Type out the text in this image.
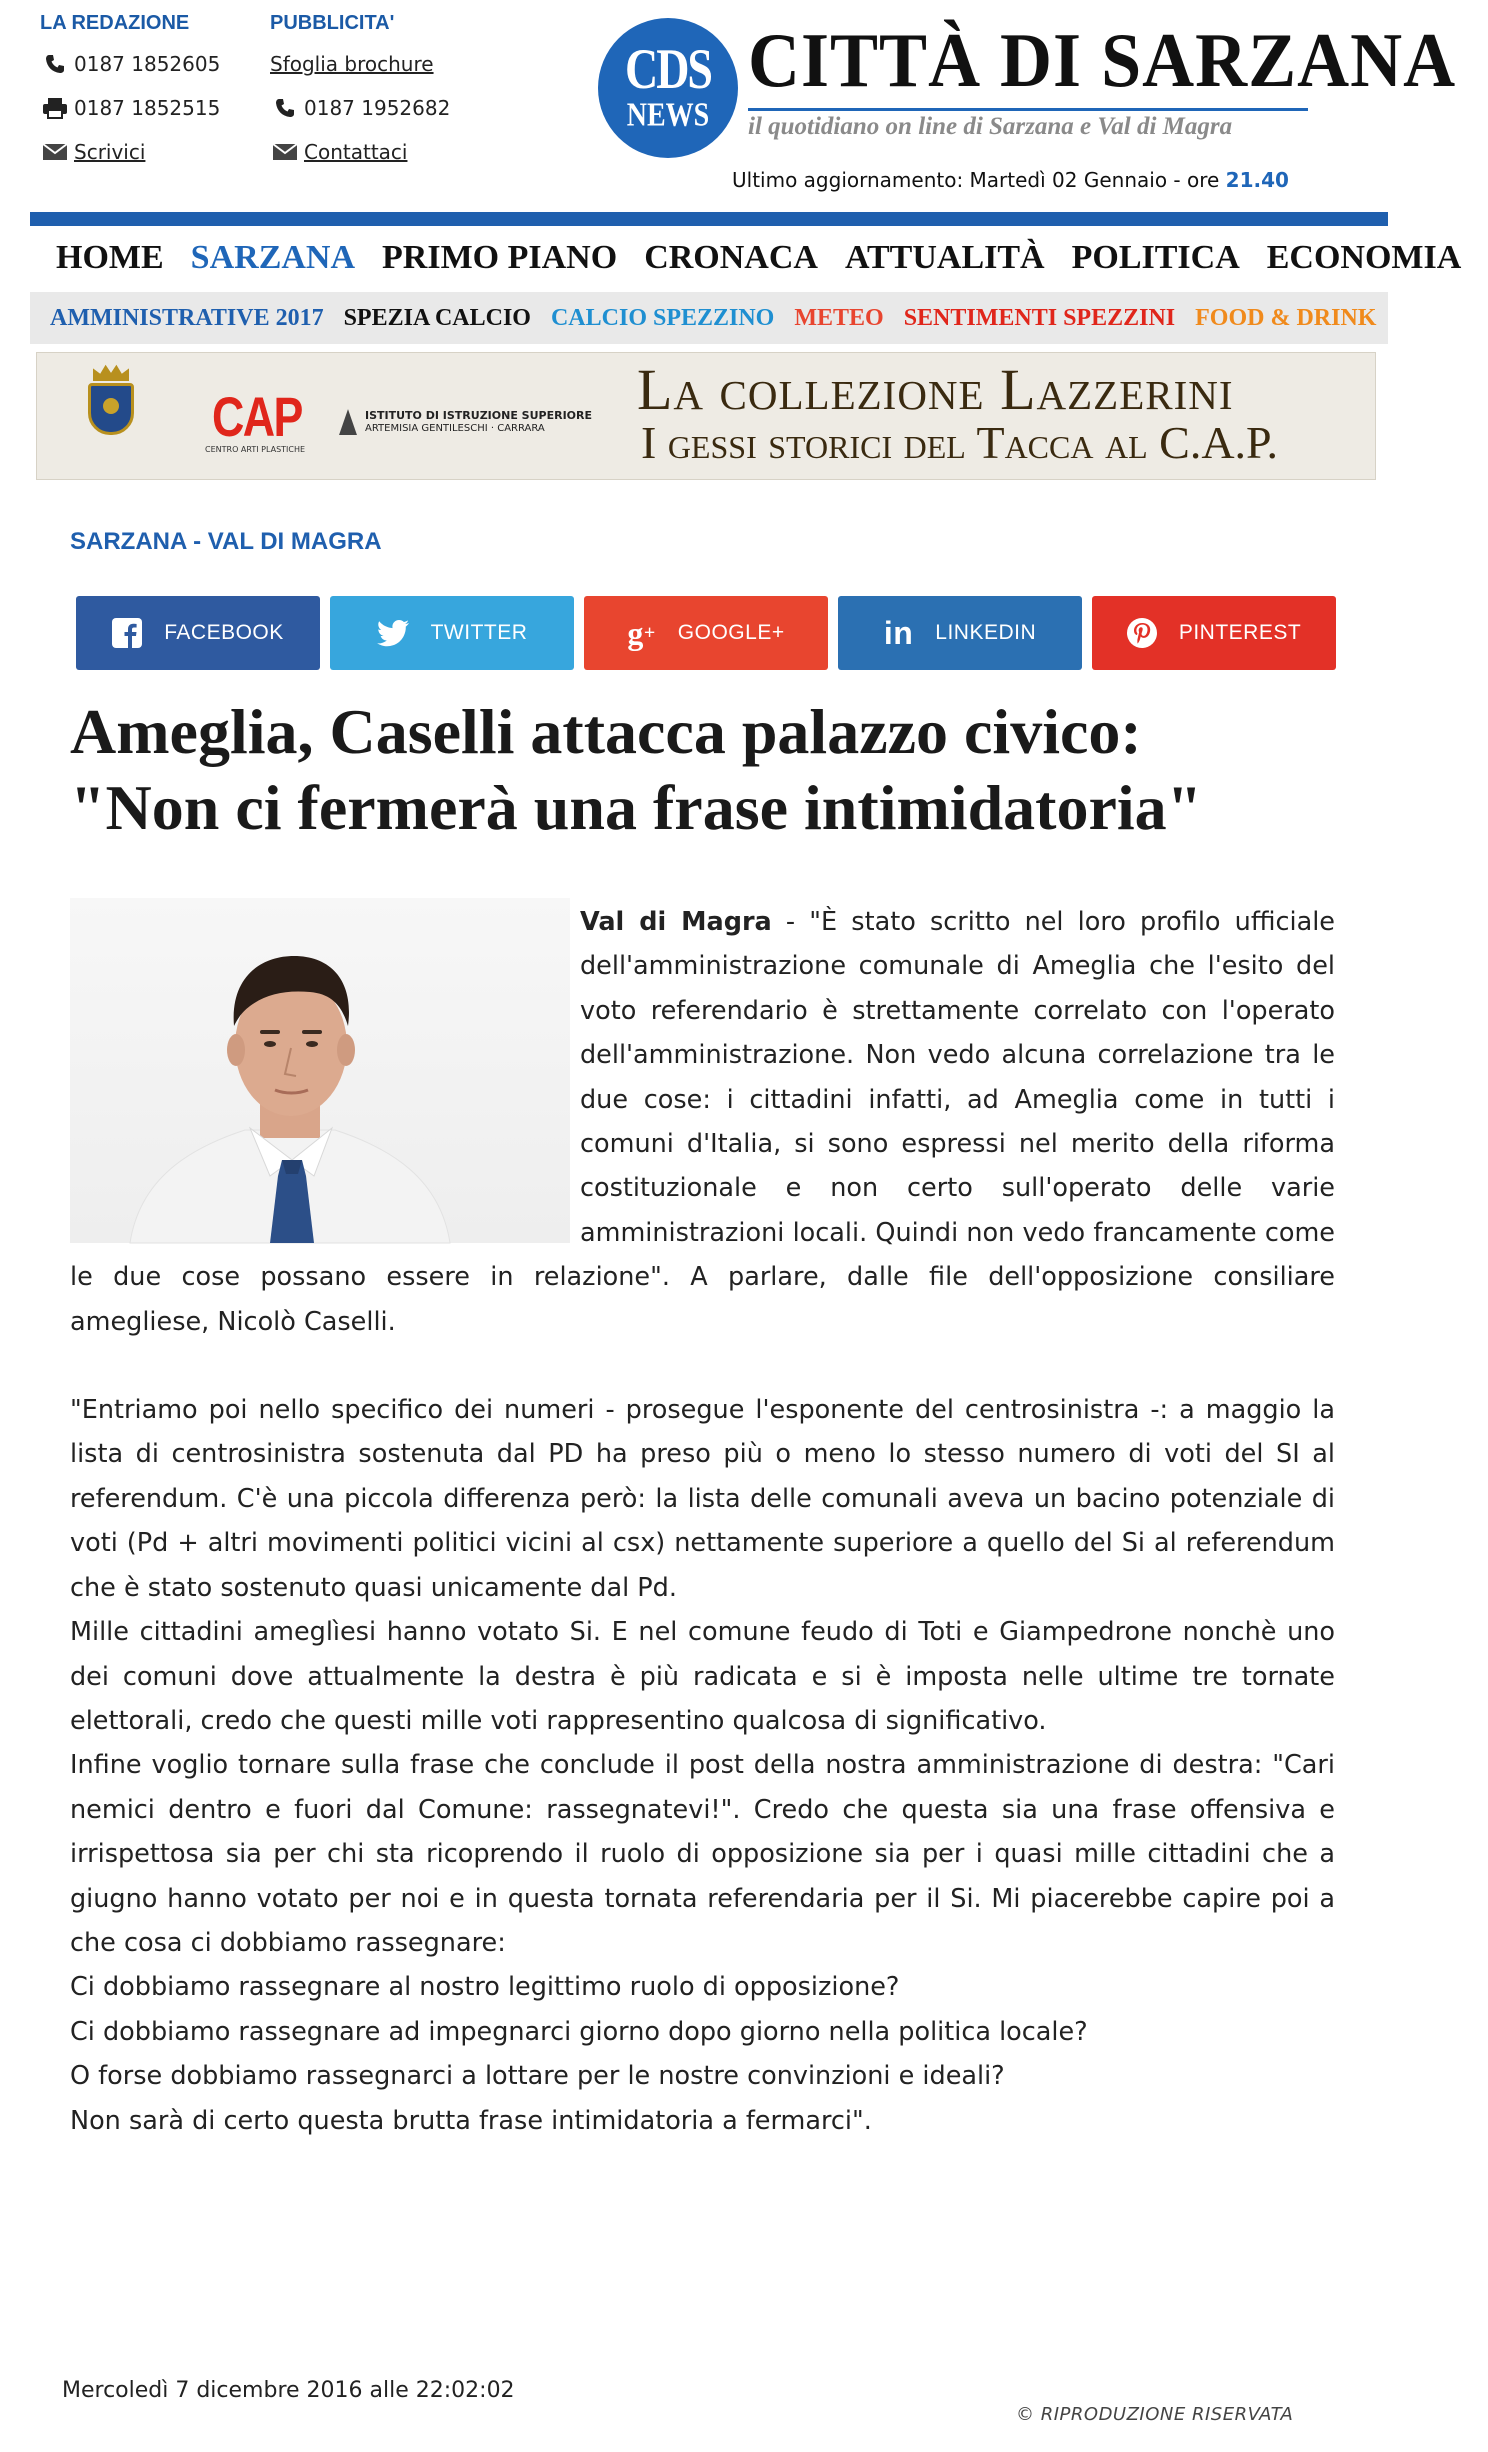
LA REDAZIONE
0187 1852605
0187 1852515
Scrivici
PUBBLICITA'
Sfoglia brochure
0187 1952682
Contattaci
CDS
NEWS
CITTÀ DI SARZANA
il quotidiano on line di Sarzana e Val di Magra
Ultimo aggiornamento: Martedì 02 Gennaio - ore 21.40
HOME SARZANA PRIMO PIANO CRONACA ATTUALITÀ POLITICA ECONOMIA
AMMINISTRATIVE 2017 SPEZIA CALCIO CALCIO SPEZZINO METEO SENTIMENTI SPEZZINI FOOD & DRINK
CAP
CENTRO ARTI PLASTICHE
ISTITUTO DI ISTRUZIONE SUPERIORE
ARTEMISIA GENTILESCHI · CARRARA
La collezione Lazzerini
I gessi storici del Tacca al C.A.P.
SARZANA - VAL DI MAGRA
FACEBOOK	TWITTER	g + GOOGLE+	in LINKEDIN	PINTEREST
Ameglia, Caselli attacca palazzo civico:
"Non ci fermerà una frase intimidatoria"

Val di Magra - "È stato scritto nel loro profilo ufficiale dell'amministrazione comunale di Ameglia che l'esito del voto referendario è strettamente correlato con l'operato dell'amministrazione. Non vedo alcuna correlazione tra le due cose: i cittadini infatti, ad Ameglia come in tutti i comuni d'Italia, si sono espressi nel merito della riforma costituzionale e non certo sull'operato delle varie amministrazioni locali. Quindi non vedo francamente come le due cose possano essere in relazione". A parlare, dalle file dell'opposizione consiliare amegliese, Nicolò Caselli.

"Entriamo poi nello specifico dei numeri - prosegue l'esponente del centrosinistra -: a maggio la lista di centrosinistra sostenuta dal PD ha preso più o meno lo stesso numero di voti del SI al referendum. C'è una piccola differenza però: la lista delle comunali aveva un bacino potenziale di voti (Pd + altri movimenti politici vicini al csx) nettamente superiore a quello del Si al referendum che è stato sostenuto quasi unicamente dal Pd.

Mille cittadini ameglìesi hanno votato Si. E nel comune feudo di Toti e Giampedrone nonchè uno dei comuni dove attualmente la destra è più radicata e si è imposta nelle ultime tre tornate elettorali, credo che questi mille voti rappresentino qualcosa di significativo.

Infine voglio tornare sulla frase che conclude il post della nostra amministrazione di destra: "Cari nemici dentro e fuori dal Comune: rassegnatevi!". Credo che questa sia una frase offensiva e irrispettosa sia per chi sta ricoprendo il ruolo di opposizione sia per i quasi mille cittadini che a giugno hanno votato per noi e in questa tornata referendaria per il Si. Mi piacerebbe capire poi a che cosa ci dobbiamo rassegnare:

Ci dobbiamo rassegnare al nostro legittimo ruolo di opposizione?

Ci dobbiamo rassegnare ad impegnarci giorno dopo giorno nella politica locale?

O forse dobbiamo rassegnarci a lottare per le nostre convinzioni e ideali?

Non sarà di certo questa brutta frase intimidatoria a fermarci".

Mercoledì 7 dicembre 2016 alle 22:02:02
© RIPRODUZIONE RISERVATA
